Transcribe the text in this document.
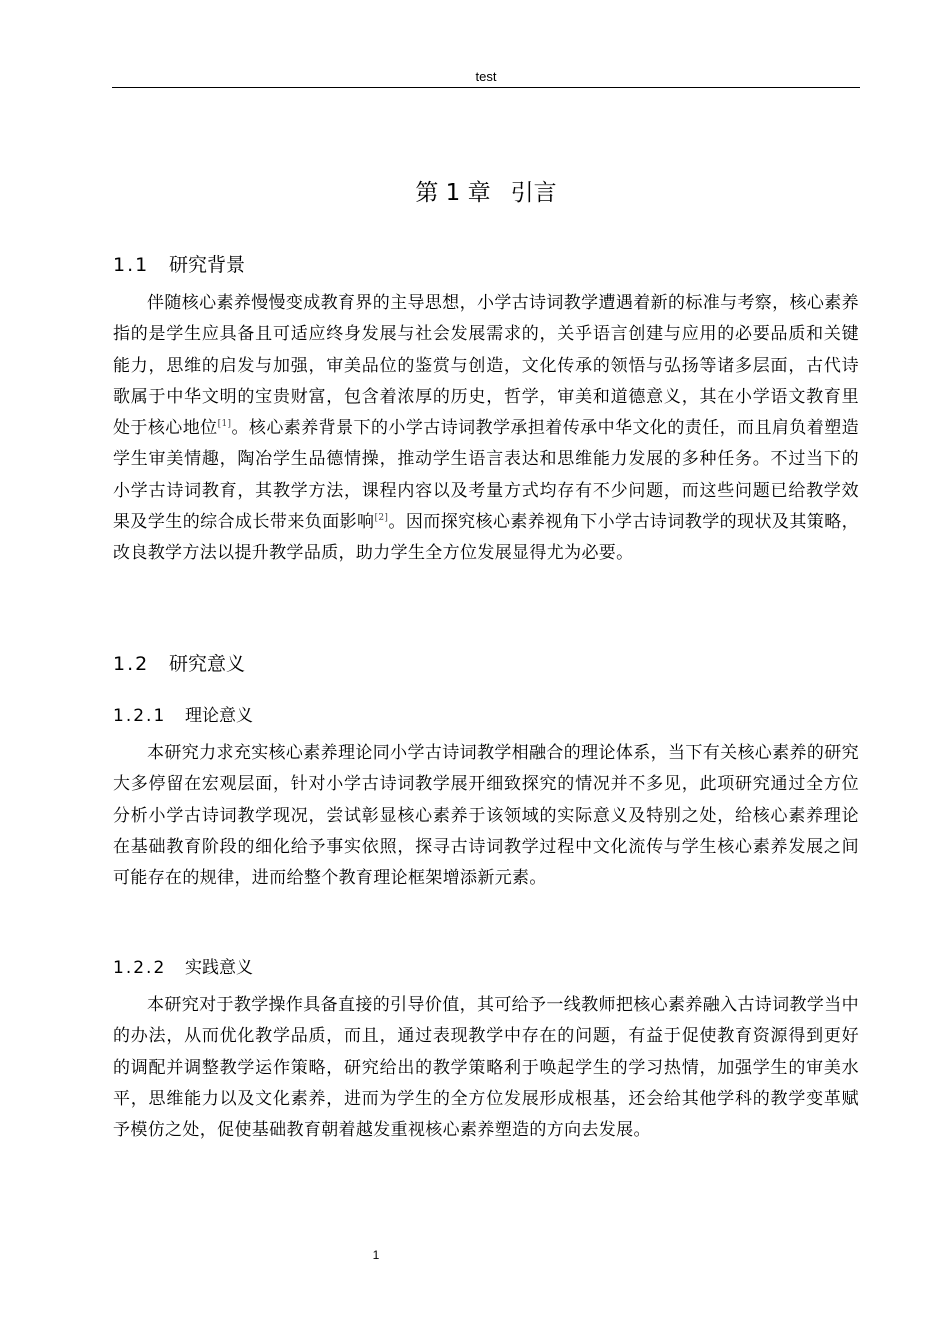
test
第 1 章 引言
1.1 研究背景

伴随核心素养慢慢变成教育界的主导思想，小学古诗词教学遭遇着新的标准与考察，核心素养指的是学生应具备且可适应终身发展与社会发展需求的，关乎语言创建与应用的必要品质和关键能力，思维的启发与加强，审美品位的鉴赏与创造，文化传承的领悟与弘扬等诸多层面，古代诗歌属于中华文明的宝贵财富，包含着浓厚的历史，哲学，审美和道德意义，其在小学语文教育里处于核心地位[1]。核心素养背景下的小学古诗词教学承担着传承中华文化的责任，而且肩负着塑造学生审美情趣，陶冶学生品德情操，推动学生语言表达和思维能力发展的多种任务。不过当下的小学古诗词教育，其教学方法，课程内容以及考量方式均存有不少问题，而这些问题已给教学效果及学生的综合成长带来负面影响[2]。因而探究核心素养视角下小学古诗词教学的现状及其策略，改良教学方法以提升教学品质，助力学生全方位发展显得尤为必要。

1.2 研究意义
1.2.1 理论意义

本研究力求充实核心素养理论同小学古诗词教学相融合的理论体系，当下有关核心素养的研究大多停留在宏观层面，针对小学古诗词教学展开细致探究的情况并不多见，此项研究通过全方位分析小学古诗词教学现况，尝试彰显核心素养于该领域的实际意义及特别之处，给核心素养理论在基础教育阶段的细化给予事实依照，探寻古诗词教学过程中文化流传与学生核心素养发展之间可能存在的规律，进而给整个教育理论框架增添新元素。

1.2.2 实践意义

本研究对于教学操作具备直接的引导价值，其可给予一线教师把核心素养融入古诗词教学当中的办法，从而优化教学品质，而且，通过表现教学中存在的问题，有益于促使教育资源得到更好的调配并调整教学运作策略，研究给出的教学策略利于唤起学生的学习热情，加强学生的审美水平，思维能力以及文化素养，进而为学生的全方位发展形成根基，还会给其他学科的教学变革赋予模仿之处，促使基础教育朝着越发重视核心素养塑造的方向去发展。

1
